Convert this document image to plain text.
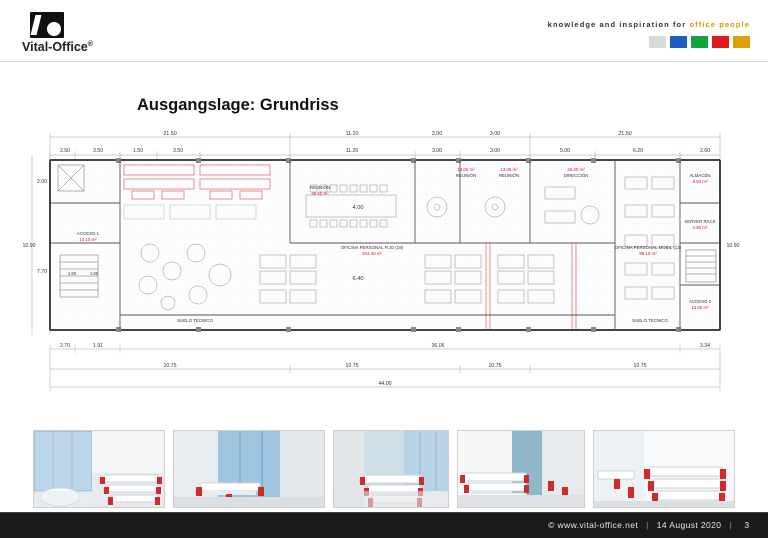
Vital-Office®
knowledge and inspiration for office people
Ausgangslage: Grundriss
21.50	11.20	3.00	3.00	21.50
2.50	3.50	1.50	3.50	11.20	3.00	3.00	5.00	6.20	2.60
2.00
10.90
7.70
10.90
4.00
6.40
ACCESO 1
14.10 m²
REUNIÓN
46.50 m²
13.05 m²
REUNIÓN
13.05 m²
REUNIÓN
25.80 m²
DIRECCIÓN	ALMACÉN
9.50 m²
SERVER RACK
4.80 m²
ACCESO 2
13.00 m²
OFICINA PERSONAL FIJO (19)
254.40 m²
OFICINA PERSONAL MOBIL (13)
88.10 m²
SUELO TECNICO	SUELO TECNICO
1.80	1.80
2.70	1.91
10.75	10.75
36.06
10.75	10.75
3.34
44.00
© www.vital-office.net | 14 August 2020 |	3
